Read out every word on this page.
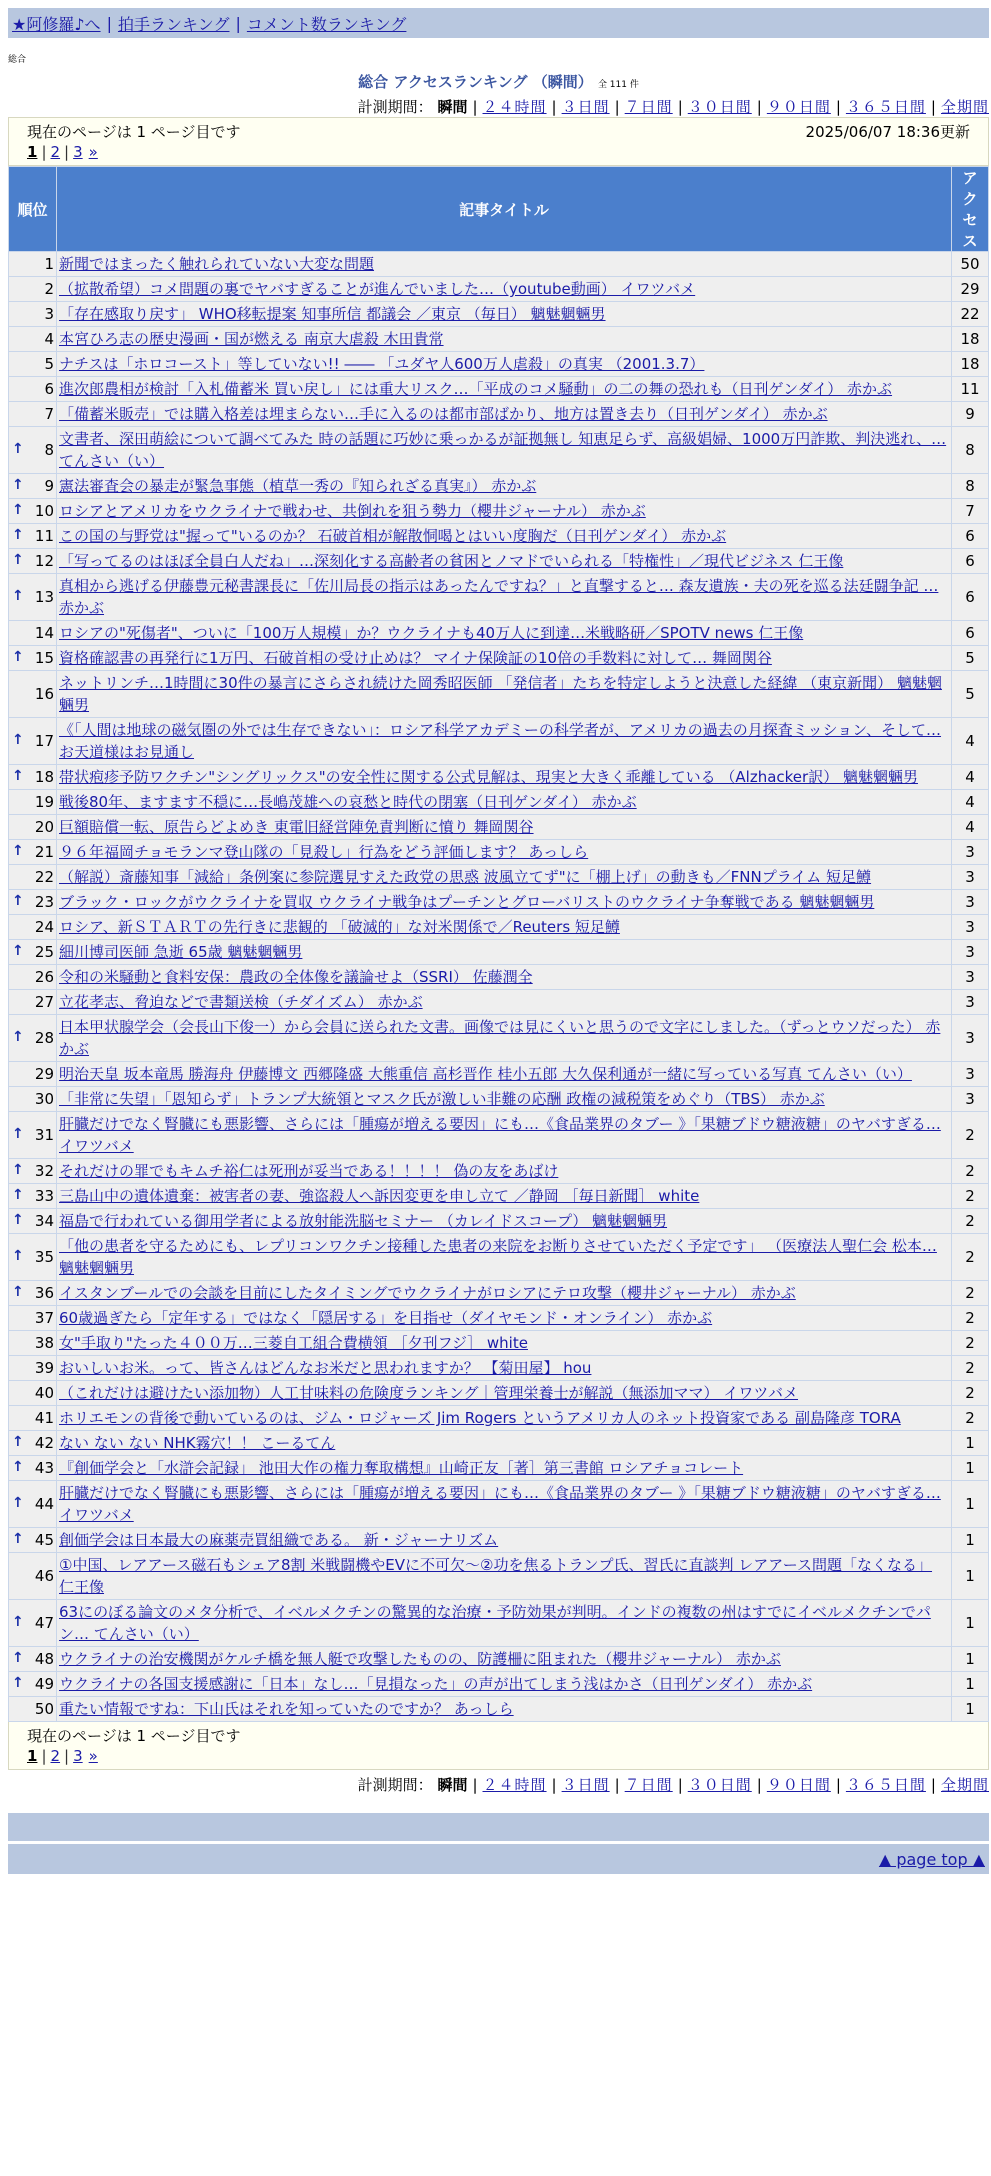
★阿修羅♪へ | 拍手ランキング | コメント数ランキング
総合
総合 アクセスランキング （瞬間） 全 111 件
計測期間： 瞬間 | ２４時間 | ３日間 | ７日間 | ３０日間 | ９０日間 | ３６５日間 | 全期間
現在のページは 1 ページ目です	2025/06/07 18:36更新
1 | 2 | 3 »
順位	記事タイトル	アクセス
1	新聞ではまったく触れられていない大変な問題	50
2	（拡散希望）コメ問題の裏でヤバすぎることが進んでいました…（youtube動画） イワツバメ	29
3	「存在感取り戻す」 WHO移転提案 知事所信 都議会 ／東京 （毎日） 魑魅魍魎男	22
4	本宮ひろ志の歴史漫画・国が燃える 南京大虐殺 木田貴常	18
5	ナチスは「ホロコースト」等していない!! ―― 「ユダヤ人600万人虐殺」の真実 （2001.3.7）	18
6	進次郎農相が検討「入札備蓄米 買い戻し」には重大リスク…「平成のコメ騒動」の二の舞の恐れも（日刊ゲンダイ） 赤かぶ	11
7	「備蓄米販売」では購入格差は埋まらない…手に入るのは都市部ばかり、地方は置き去り（日刊ゲンダイ） 赤かぶ	9

↑ 8	文書者、深田萌絵について調べてみた 時の話題に巧妙に乗っかるが証拠無し 知恵足らず、高級娼婦、1000万円詐欺、判決逃れ、… てんさい（い）	8

↑ 9	憲法審査会の暴走が緊急事態（植草一秀の『知られざる真実』） 赤かぶ	8

↑ 10	ロシアとアメリカをウクライナで戦わせ、共倒れを狙う勢力（櫻井ジャーナル） 赤かぶ	7

↑ 11	この国の与野党は"握って"いるのか？ 石破首相が解散恫喝とはいい度胸だ（日刊ゲンダイ） 赤かぶ	6

↑ 12	「写ってるのはほぼ全員白人だね」…深刻化する高齢者の貧困とノマドでいられる「特権性」／現代ビジネス 仁王像	6

↑ 13	真相から逃げる伊藤豊元秘書課長に「佐川局長の指示はあったんですね？」と直撃すると… 森友遺族・夫の死を巡る法廷闘争記 … 赤かぶ	6
14	ロシアの"死傷者"、ついに「100万人規模」か？ウクライナも40万人に到達…米戦略研／SPOTV news 仁王像	6

↑ 15	資格確認書の再発行に1万円、石破首相の受け止めは？ マイナ保険証の10倍の手数料に対して… 舞岡関谷	5
16	ネットリンチ…1時間に30件の暴言にさらされ続けた岡秀昭医師 「発信者」たちを特定しようと決意した経緯 （東京新聞） 魑魅魍魎男	5

↑ 17	《「人間は地球の磁気圏の外では生存できない」：ロシア科学アカデミーの科学者が、アメリカの過去の月探査ミッション、そして… お天道様はお見通し	4

↑ 18	帯状疱疹予防ワクチン"シングリックス"の安全性に関する公式見解は、現実と大きく乖離している （Alzhacker訳） 魑魅魍魎男	4
19	戦後80年、ますます不穏に…長嶋茂雄への哀愁と時代の閉塞（日刊ゲンダイ） 赤かぶ	4
20	巨額賠償一転、原告らどよめき 東電旧経営陣免責判断に憤り 舞岡関谷	4

↑ 21	９６年福岡チョモランマ登山隊の「見殺し」行為をどう評価します？ あっしら	3
22	（解説）斎藤知事「減給」条例案に参院選見すえた政党の思惑 波風立てず"に「棚上げ」の動きも／FNNプライム 短足鱒	3

↑ 23	ブラック・ロックがウクライナを買収 ウクライナ戦争はプーチンとグローバリストのウクライナ争奪戦である 魑魅魍魎男	3
24	ロシア、新ＳＴＡＲＴの先行きに悲観的 「破滅的」な対米関係で／Reuters 短足鱒	3

↑ 25	細川博司医師 急逝 65歳 魑魅魍魎男	3
26	令和の米騒動と食料安保：農政の全体像を議論せよ（SSRI） 佐藤潤全	3
27	立花孝志、脅迫などで書類送検（チダイズム） 赤かぶ	3

↑ 28	日本甲状腺学会（会長山下俊一）から会員に送られた文書。画像では見にくいと思うので文字にしました。（ずっとウソだった） 赤かぶ	3
29	明治天皇 坂本竜馬 勝海舟 伊藤博文 西郷隆盛 大熊重信 高杉晋作 桂小五郎 大久保利通が一緒に写っている写真 てんさい（い）	3
30	「非常に失望」「恩知らず」トランプ大統領とマスク氏が激しい非難の応酬 政権の減税策をめぐり（TBS） 赤かぶ	3

↑ 31	肝臓だけでなく腎臓にも悪影響、さらには「腫瘍が増える要因」にも…《食品業界のタブー 》「果糖ブドウ糖液糖」のヤバすぎる… イワツバメ	2

↑ 32	それだけの罪でもキムチ裕仁は死刑が妥当である！！！！ 偽の友をあばけ	2

↑ 33	三島山中の遺体遺棄：被害者の妻、強盗殺人へ訴因変更を申し立て ／静岡 ［毎日新聞］ white	2

↑ 34	福島で行われている御用学者による放射能洗脳セミナー （カレイドスコープ） 魑魅魍魎男	2

↑ 35	「他の患者を守るためにも、レプリコンワクチン接種した患者の来院をお断りさせていただく予定です」 （医療法人聖仁会 松本… 魑魅魍魎男	2

↑ 36	イスタンブールでの会談を目前にしたタイミングでウクライナがロシアにテロ攻撃（櫻井ジャーナル） 赤かぶ	2
37	60歳過ぎたら「定年する」ではなく「隠居する」を目指せ（ダイヤモンド・オンライン） 赤かぶ	2
38	女"手取り"たった４００万…三菱自工組合費横領 ［夕刊フジ］ white	2
39	おいしいお米。って、皆さんはどんなお米だと思われますか？ 【菊田屋】 hou	2
40	（これだけは避けたい添加物）人工甘味料の危険度ランキング｜管理栄養士が解説（無添加ママ） イワツバメ	2
41	ホリエモンの背後で動いているのは、ジム・ロジャーズ Jim Rogers というアメリカ人のネット投資家である 副島隆彦 TORA	2

↑ 42	ない ない ない NHK霧穴！！ こーるてん	1

↑ 43	『創価学会と「水滸会記録」 池田大作の権力奪取構想』山崎正友［著］第三書館 ロシアチョコレート	1

↑ 44	肝臓だけでなく腎臓にも悪影響、さらには「腫瘍が増える要因」にも…《食品業界のタブー 》「果糖ブドウ糖液糖」のヤバすぎる… イワツバメ	1

↑ 45	創価学会は日本最大の麻薬売買組織である。 新・ジャーナリズム	1
46	①中国、レアアース磁石もシェア8割 米戦闘機やEVに不可欠～②功を焦るトランプ氏、習氏に直談判 レアアース問題「なくなる」 仁王像	1

↑ 47	63にのぼる論文のメタ分析で、イベルメクチンの驚異的な治療・予防効果が判明。インドの複数の州はすでにイベルメクチンでパン… てんさい（い）	1

↑ 48	ウクライナの治安機関がケルチ橋を無人艇で攻撃したものの、防護柵に阻まれた（櫻井ジャーナル） 赤かぶ	1

↑ 49	ウクライナの各国支援感謝に「日本」なし…「見損なった」の声が出てしまう浅はかさ（日刊ゲンダイ） 赤かぶ	1
50	重たい情報ですね：下山氏はそれを知っていたのですか？ あっしら	1
現在のページは 1 ページ目です
1 | 2 | 3 »
計測期間： 瞬間 | ２４時間 | ３日間 | ７日間 | ３０日間 | ９０日間 | ３６５日間 | 全期間
▲ page top ▲
